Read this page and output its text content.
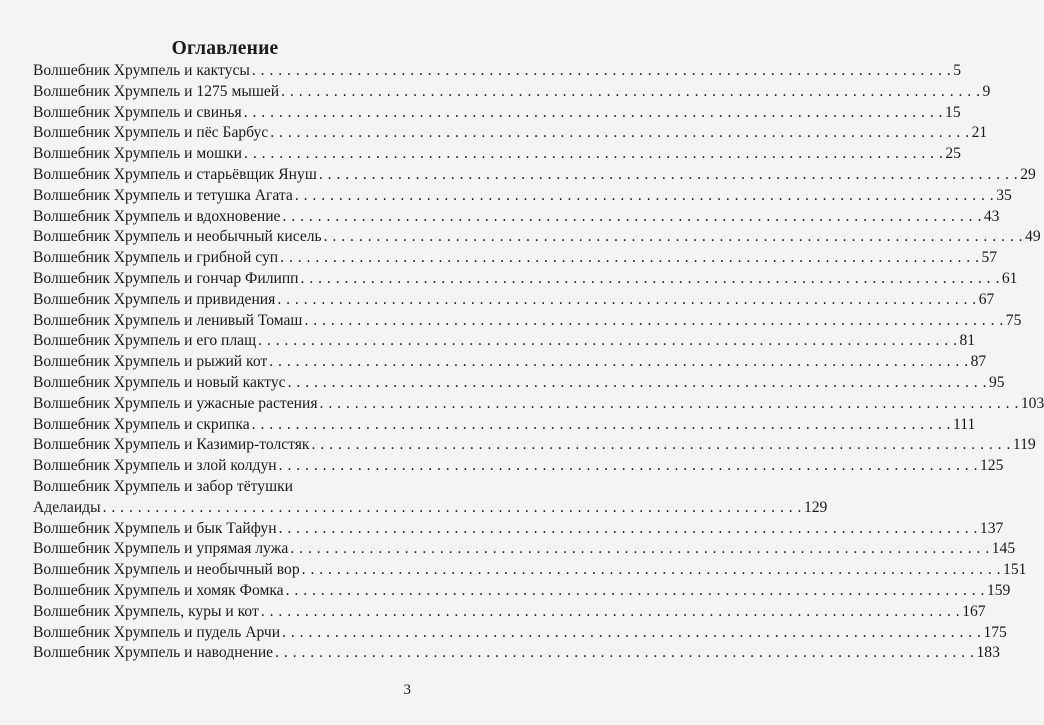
Оглавление
Волшебник Хрумпель и кактусы . . . . . . . . . . . . . . . . . . . . . . . . . . . . . . . . . . . . . . . . . . . . . . . . . . . . . . . . . . . . . . . . . . . . . . . . . . . . . . . . 5
Волшебник Хрумпель и 1275 мышей . . . . . . . . . . . . . . . . . . . . . . . . . . . . . . . . . . . . . . . . . . . . . . . . . . . . . . . . . . . . . . . . . . . . . . . . . . . . . . . . 9
Волшебник Хрумпель и свинья . . . . . . . . . . . . . . . . . . . . . . . . . . . . . . . . . . . . . . . . . . . . . . . . . . . . . . . . . . . . . . . . . . . . . . . . . . . . . . . . 15
Волшебник Хрумпель и пёс Барбус . . . . . . . . . . . . . . . . . . . . . . . . . . . . . . . . . . . . . . . . . . . . . . . . . . . . . . . . . . . . . . . . . . . . . . . . . . . . . . . . 21
Волшебник Хрумпель и мошки . . . . . . . . . . . . . . . . . . . . . . . . . . . . . . . . . . . . . . . . . . . . . . . . . . . . . . . . . . . . . . . . . . . . . . . . . . . . . . . . 25
Волшебник Хрумпель и старьёвщик Януш . . . . . . . . . . . . . . . . . . . . . . . . . . . . . . . . . . . . . . . . . . . . . . . . . . . . . . . . . . . . . . . . . . . . . . . . . . . . . . . . 29
Волшебник Хрумпель и тетушка Агата . . . . . . . . . . . . . . . . . . . . . . . . . . . . . . . . . . . . . . . . . . . . . . . . . . . . . . . . . . . . . . . . . . . . . . . . . . . . . . . . 35
Волшебник Хрумпель и вдохновение . . . . . . . . . . . . . . . . . . . . . . . . . . . . . . . . . . . . . . . . . . . . . . . . . . . . . . . . . . . . . . . . . . . . . . . . . . . . . . . . 43
Волшебник Хрумпель и необычный кисель . . . . . . . . . . . . . . . . . . . . . . . . . . . . . . . . . . . . . . . . . . . . . . . . . . . . . . . . . . . . . . . . . . . . . . . . . . . . . . . . 49
Волшебник Хрумпель и грибной суп . . . . . . . . . . . . . . . . . . . . . . . . . . . . . . . . . . . . . . . . . . . . . . . . . . . . . . . . . . . . . . . . . . . . . . . . . . . . . . . . 57
Волшебник Хрумпель и гончар Филипп . . . . . . . . . . . . . . . . . . . . . . . . . . . . . . . . . . . . . . . . . . . . . . . . . . . . . . . . . . . . . . . . . . . . . . . . . . . . . . . . 61
Волшебник Хрумпель и привидения . . . . . . . . . . . . . . . . . . . . . . . . . . . . . . . . . . . . . . . . . . . . . . . . . . . . . . . . . . . . . . . . . . . . . . . . . . . . . . . . 67
Волшебник Хрумпель и ленивый Томаш . . . . . . . . . . . . . . . . . . . . . . . . . . . . . . . . . . . . . . . . . . . . . . . . . . . . . . . . . . . . . . . . . . . . . . . . . . . . . . . . 75
Волшебник Хрумпель и его плащ . . . . . . . . . . . . . . . . . . . . . . . . . . . . . . . . . . . . . . . . . . . . . . . . . . . . . . . . . . . . . . . . . . . . . . . . . . . . . . . . 81
Волшебник Хрумпель и рыжий кот . . . . . . . . . . . . . . . . . . . . . . . . . . . . . . . . . . . . . . . . . . . . . . . . . . . . . . . . . . . . . . . . . . . . . . . . . . . . . . . . 87
Волшебник Хрумпель и новый кактус . . . . . . . . . . . . . . . . . . . . . . . . . . . . . . . . . . . . . . . . . . . . . . . . . . . . . . . . . . . . . . . . . . . . . . . . . . . . . . . . 95
Волшебник Хрумпель и ужасные растения . . . . . . . . . . . . . . . . . . . . . . . . . . . . . . . . . . . . . . . . . . . . . . . . . . . . . . . . . . . . . . . . . . . . . . . . . . . . . . . . 103
Волшебник Хрумпель и скрипка . . . . . . . . . . . . . . . . . . . . . . . . . . . . . . . . . . . . . . . . . . . . . . . . . . . . . . . . . . . . . . . . . . . . . . . . . . . . . . . . 111
Волшебник Хрумпель и Казимир-толстяк . . . . . . . . . . . . . . . . . . . . . . . . . . . . . . . . . . . . . . . . . . . . . . . . . . . . . . . . . . . . . . . . . . . . . . . . . . . . . . . . 119
Волшебник Хрумпель и злой колдун . . . . . . . . . . . . . . . . . . . . . . . . . . . . . . . . . . . . . . . . . . . . . . . . . . . . . . . . . . . . . . . . . . . . . . . . . . . . . . . . 125
Волшебник Хрумпель и забор тётушки
Аделаиды . . . . . . . . . . . . . . . . . . . . . . . . . . . . . . . . . . . . . . . . . . . . . . . . . . . . . . . . . . . . . . . . . . . . . . . . . . . . . . . . 129
Волшебник Хрумпель и бык Тайфун . . . . . . . . . . . . . . . . . . . . . . . . . . . . . . . . . . . . . . . . . . . . . . . . . . . . . . . . . . . . . . . . . . . . . . . . . . . . . . . . 137
Волшебник Хрумпель и упрямая лужа . . . . . . . . . . . . . . . . . . . . . . . . . . . . . . . . . . . . . . . . . . . . . . . . . . . . . . . . . . . . . . . . . . . . . . . . . . . . . . . . 145
Волшебник Хрумпель и необычный вор . . . . . . . . . . . . . . . . . . . . . . . . . . . . . . . . . . . . . . . . . . . . . . . . . . . . . . . . . . . . . . . . . . . . . . . . . . . . . . . . 151
Волшебник Хрумпель и хомяк Фомка . . . . . . . . . . . . . . . . . . . . . . . . . . . . . . . . . . . . . . . . . . . . . . . . . . . . . . . . . . . . . . . . . . . . . . . . . . . . . . . . 159
Волшебник Хрумпель, куры и кот . . . . . . . . . . . . . . . . . . . . . . . . . . . . . . . . . . . . . . . . . . . . . . . . . . . . . . . . . . . . . . . . . . . . . . . . . . . . . . . . 167
Волшебник Хрумпель и пудель Арчи . . . . . . . . . . . . . . . . . . . . . . . . . . . . . . . . . . . . . . . . . . . . . . . . . . . . . . . . . . . . . . . . . . . . . . . . . . . . . . . . 175
Волшебник Хрумпель и наводнение . . . . . . . . . . . . . . . . . . . . . . . . . . . . . . . . . . . . . . . . . . . . . . . . . . . . . . . . . . . . . . . . . . . . . . . . . . . . . . . . 183
3
